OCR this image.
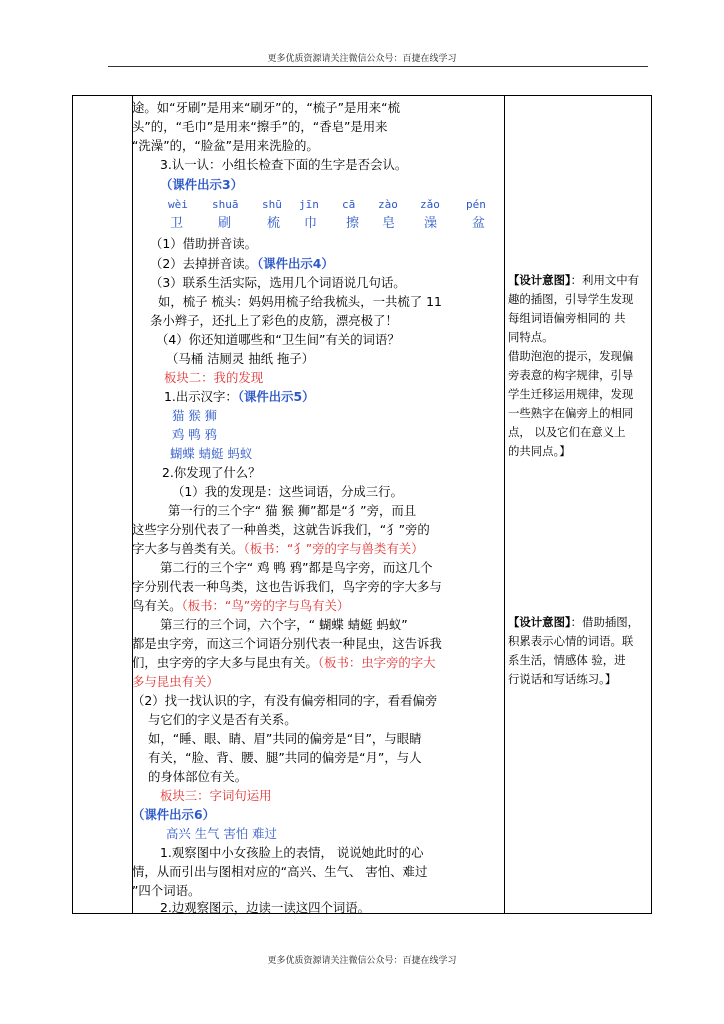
更多优质资源请关注微信公众号：百捷在线学习
途。如“牙刷”是用来“刷牙”的，“梳子”是用来“梳
头”的，“毛巾”是用来“擦手”的，“香皂”是用来
“洗澡”的，“脸盆”是用来洗脸的。
3.认一认：小组长检查下面的生字是否会认。
（课件出示3）
wèi shuā shū jīn cā zào zǎo pén
卫	刷	梳 巾 擦 皂 澡	盆
（1）借助拼音读。
（2）去掉拼音读。（课件出示4）
（3）联系生活实际，选用几个词语说几句话。
如，梳子 梳头：妈妈用梳子给我梳头，一共梳了 11
条小辫子，还扎上了彩色的皮筋，漂亮极了！
（4）你还知道哪些和“卫生间”有关的词语？
（马桶 洁厕灵 抽纸 拖子）
板块二：我的发现
1.出示汉字：（课件出示5）
猫 猴 狮
鸡 鸭 鸦
蝴蝶 蜻蜓 蚂蚁
2.你发现了什么？
（1）我的发现是：这些词语，分成三行。
第一行的三个字“ 猫 猴 狮”都是“犭”旁，而且
这些字分别代表了一种兽类，这就告诉我们，“犭”旁的
字大多与兽类有关。（板书：“犭”旁的字与兽类有关）
第二行的三个字“ 鸡 鸭 鸦”都是鸟字旁，而这几个
字分别代表一种鸟类，这也告诉我们，鸟字旁的字大多与
鸟有关。（板书：“鸟”旁的字与鸟有关）
第三行的三个词，六个字，“ 蝴蝶 蜻蜓 蚂蚁”
都是虫字旁，而这三个词语分别代表一种昆虫，这告诉我
们，虫字旁的字大多与昆虫有关。（板书：虫字旁的字大
多与昆虫有关）
（2）找一找认识的字，有没有偏旁相同的字，看看偏旁
与它们的字义是否有关系。
如，“睡、眼、睛、眉”共同的偏旁是“目”，与眼睛
有关，“脸、背、腰、腿”共同的偏旁是“月”，与人
的身体部位有关。
板块三：字词句运用
（课件出示6）
高兴 生气 害怕 难过
1.观察图中小女孩脸上的表情， 说说她此时的心
情，从而引出与图相对应的“高兴、生气、 害怕、难过
”四个词语。
2.边观察图示，边读一读这四个词语。
【设计意图】：利用文中有
趣的插图，引导学生发现
每组词语偏旁相同的 共
同特点。
借助泡泡的提示，发现偏
旁表意的构字规律，引导
学生迁移运用规律，发现
一些熟字在偏旁上的相同
点， 以及它们在意义上
的共同点。】
【设计意图】：借助插图，
积累表示心情的词语。联
系生活，情感体 验，进
行说话和写话练习。】
更多优质资源请关注微信公众号：百捷在线学习
